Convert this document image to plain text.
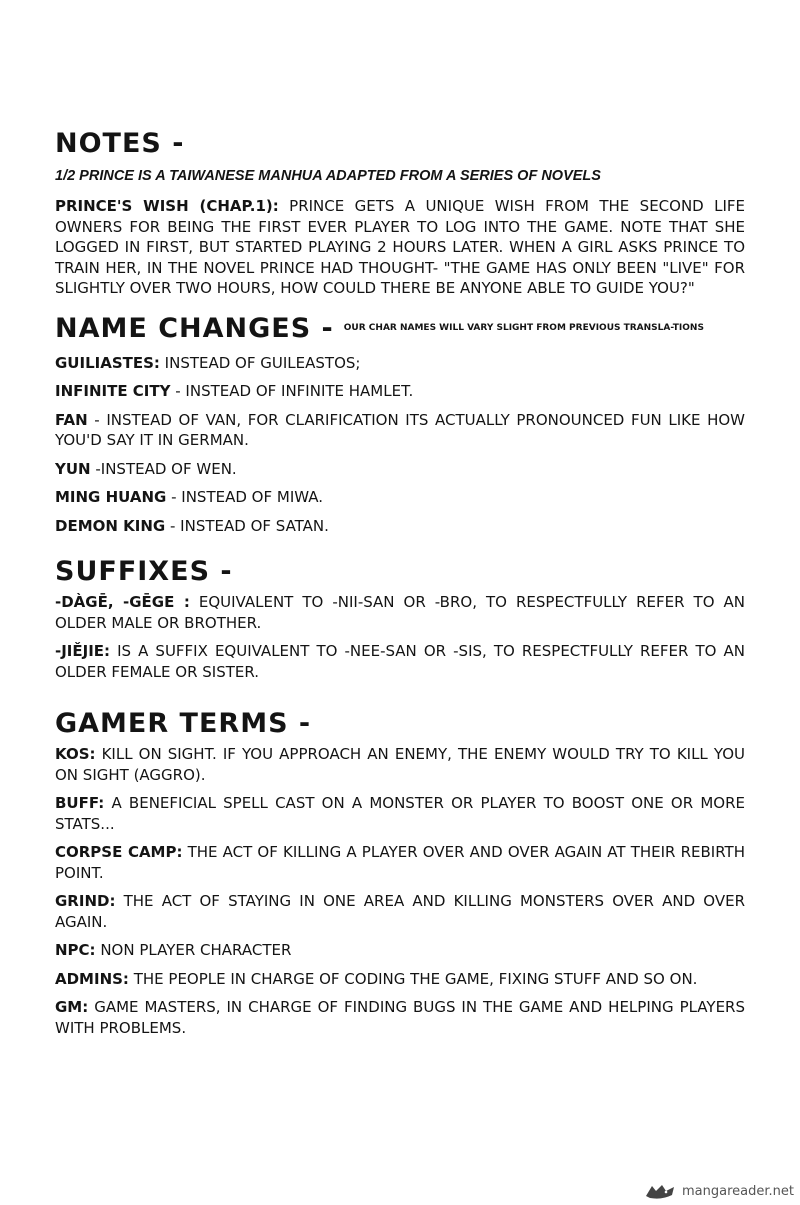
NOTES -
1/2 PRINCE IS A TAIWANESE MANHUA ADAPTED FROM A SERIES OF NOVELS

PRINCE'S WISH (CHAP.1): PRINCE GETS A UNIQUE WISH FROM THE SECOND LIFE OWNERS FOR BEING THE FIRST EVER PLAYER TO LOG INTO THE GAME. NOTE THAT SHE LOGGED IN FIRST, BUT STARTED PLAYING 2 HOURS LATER. WHEN A GIRL ASKS PRINCE TO TRAIN HER, IN THE NOVEL PRINCE HAD THOUGHT- "THE GAME HAS ONLY BEEN "LIVE" FOR SLIGHTLY OVER TWO HOURS, HOW COULD THERE BE ANYONE ABLE TO GUIDE YOU?"

NAME CHANGES - OUR CHAR NAMES WILL VARY SLIGHT FROM PREVIOUS TRANSLA-TIONS

GUILIASTES: INSTEAD OF GUILEASTOS;

INFINITE CITY - INSTEAD OF INFINITE HAMLET.

FAN - INSTEAD OF VAN, FOR CLARIFICATION ITS ACTUALLY PRONOUNCED FUN LIKE HOW YOU'D SAY IT IN GERMAN.

YUN -INSTEAD OF WEN.

MING HUANG - INSTEAD OF MIWA.

DEMON KING - INSTEAD OF SATAN.

SUFFIXES -

-DÀGĒ, -GĒGE : EQUIVALENT TO -NII-SAN OR -BRO, TO RESPECTFULLY REFER TO AN OLDER MALE OR BROTHER.

-JIĚJIE: IS A SUFFIX EQUIVALENT TO -NEE-SAN OR -SIS, TO RESPECTFULLY REFER TO AN OLDER FEMALE OR SISTER.

GAMER TERMS -

KOS: KILL ON SIGHT. IF YOU APPROACH AN ENEMY, THE ENEMY WOULD TRY TO KILL YOU ON SIGHT (AGGRO).

BUFF: A BENEFICIAL SPELL CAST ON A MONSTER OR PLAYER TO BOOST ONE OR MORE STATS...

CORPSE CAMP: THE ACT OF KILLING A PLAYER OVER AND OVER AGAIN AT THEIR REBIRTH POINT.

GRIND: THE ACT OF STAYING IN ONE AREA AND KILLING MONSTERS OVER AND OVER AGAIN.

NPC: NON PLAYER CHARACTER

ADMINS: THE PEOPLE IN CHARGE OF CODING THE GAME, FIXING STUFF AND SO ON.

GM: GAME MASTERS, IN CHARGE OF FINDING BUGS IN THE GAME AND HELPING PLAYERS WITH PROBLEMS.

mangareader.net
